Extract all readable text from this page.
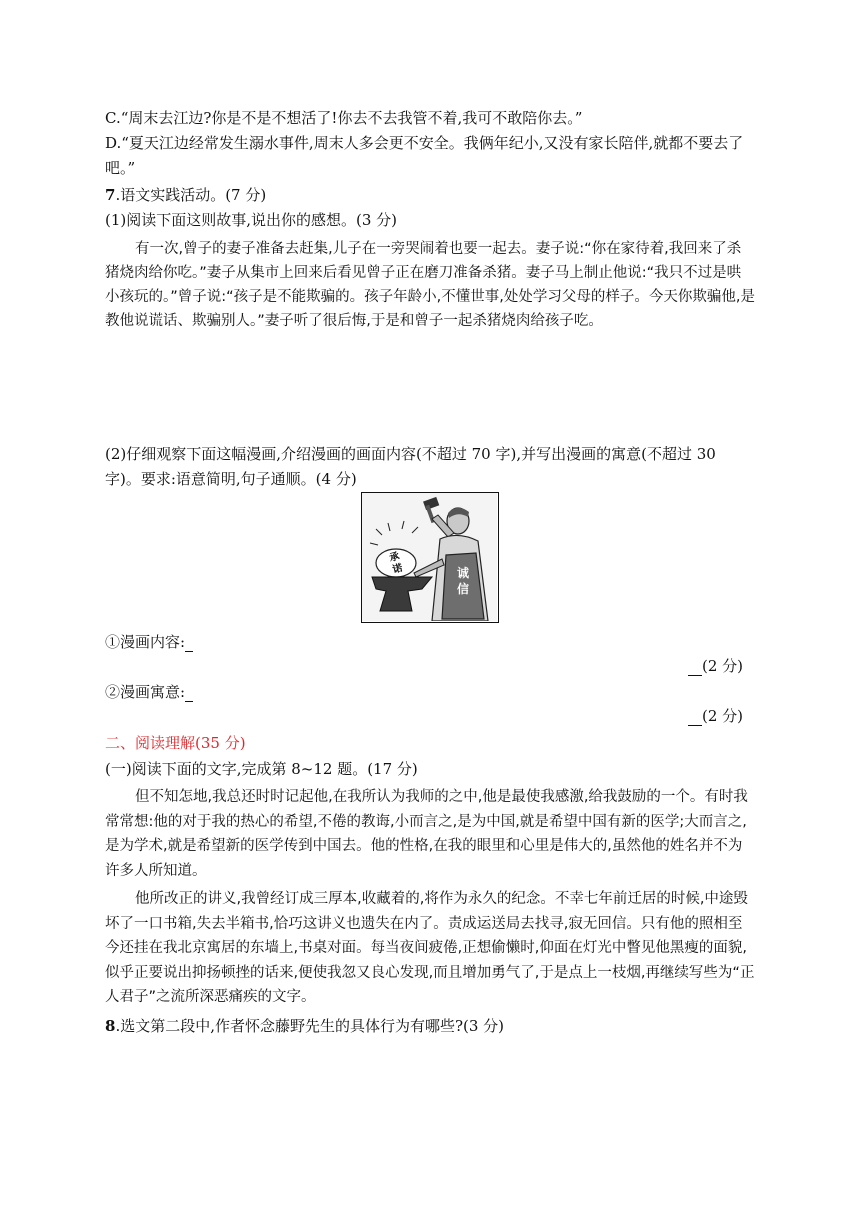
C.“周末去江边?你是不是不想活了!你去不去我管不着,我可不敢陪你去。”
D.“夏天江边经常发生溺水事件,周末人多会更不安全。我俩年纪小,又没有家长陪伴,就都不要去了
吧。”
7.语文实践活动。(7 分)
(1)阅读下面这则故事,说出你的感想。(3 分)
有一次,曾子的妻子准备去赶集,儿子在一旁哭闹着也要一起去。妻子说:“你在家待着,我回来了杀猪烧肉给你吃。”妻子从集市上回来后看见曾子正在磨刀准备杀猪。妻子马上制止他说:“我只不过是哄小孩玩的。”曾子说:“孩子是不能欺骗的。孩子年龄小,不懂世事,处处学习父母的样子。今天你欺骗他,是教他说谎话、欺骗别人。”妻子听了很后悔,于是和曾子一起杀猪烧肉给孩子吃。
(2)仔细观察下面这幅漫画,介绍漫画的画面内容(不超过 70 字),并写出漫画的寓意(不超过 30 字)。要求:语意简明,句子通顺。(4 分)
诚
信
承
诺
①漫画内容:
(2 分)
②漫画寓意:
(2 分)
二、阅读理解(35 分)
(一)阅读下面的文字,完成第 8~12 题。(17 分)
但不知怎地,我总还时时记起他,在我所认为我师的之中,他是最使我感激,给我鼓励的一个。有时我常常想:他的对于我的热心的希望,不倦的教诲,小而言之,是为中国,就是希望中国有新的医学;大而言之,是为学术,就是希望新的医学传到中国去。他的性格,在我的眼里和心里是伟大的,虽然他的姓名并不为许多人所知道。
他所改正的讲义,我曾经订成三厚本,收藏着的,将作为永久的纪念。不幸七年前迁居的时候,中途毁坏了一口书箱,失去半箱书,恰巧这讲义也遗失在内了。责成运送局去找寻,寂无回信。只有他的照相至今还挂在我北京寓居的东墙上,书桌对面。每当夜间疲倦,正想偷懒时,仰面在灯光中瞥见他黑瘦的面貌,似乎正要说出抑扬顿挫的话来,便使我忽又良心发现,而且增加勇气了,于是点上一枝烟,再继续写些为“正人君子”之流所深恶痛疾的文字。
8.选文第二段中,作者怀念藤野先生的具体行为有哪些?(3 分)
